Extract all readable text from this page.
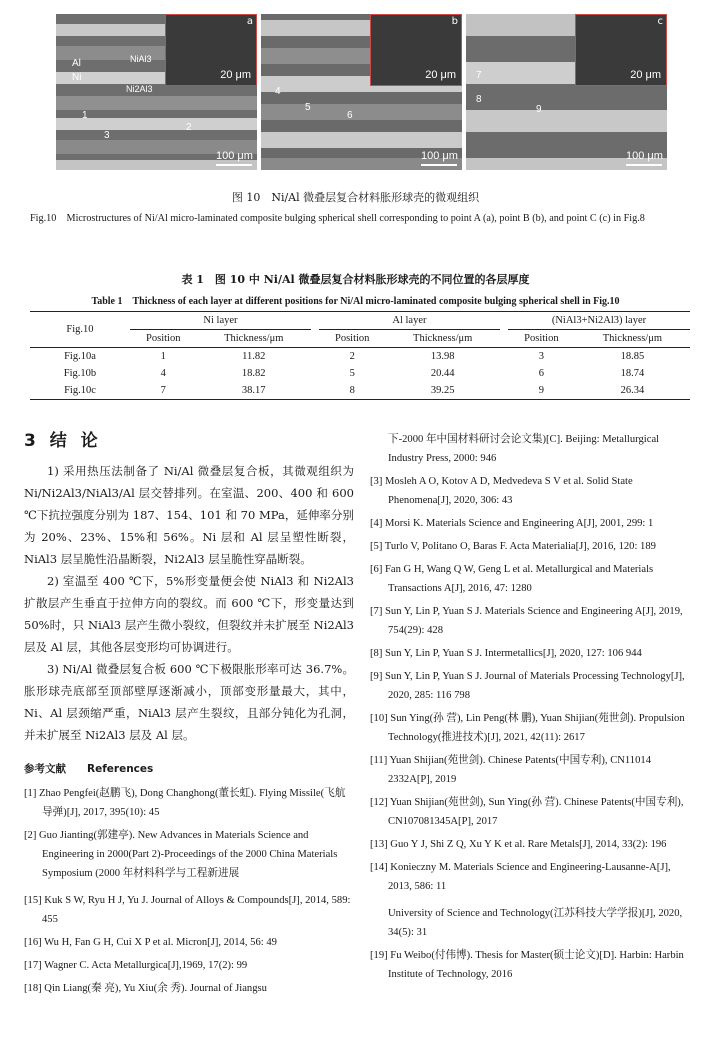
a
20 μm
100 μm
Al
Ni
NiAl3
Ni2Al3
1
2
3
b
20 μm
100 μm
4
5
6
c
20 μm
100 μm
7
8
9
图 10　Ni/Al 微叠层复合材料胀形球壳的微观组织
Fig.10　Microstructures of Ni/Al micro-laminated composite bulging spherical shell corresponding to point A (a), point B (b), and point C (c) in Fig.8
表 1　图 10 中 Ni/Al 微叠层复合材料胀形球壳的不同位置的各层厚度
Table 1　Thickness of each layer at different positions for Ni/Al micro-laminated composite bulging spherical shell in Fig.10
Fig.10	Ni layer			Al layer			(NiAl3+Ni2Al3) layer	
	Position	Thickness/μm		Position	Thickness/μm		Position	Thickness/μm
Fig.10a	1	11.82		2	13.98		3	18.85
Fig.10b	4	18.82		5	20.44		6	18.74
Fig.10c	7	38.17		8	39.25		9	26.34
3 结 论

1) 采用热压法制备了 Ni/Al 微叠层复合板，其微观组织为 Ni/Ni2Al3/NiAl3/Al 层交替排列。在室温、200、400 和 600 ℃下抗拉强度分别为 187、154、101 和 70 MPa，延伸率分别为 20%、23%、15%和 56%。Ni 层和 Al 层呈塑性断裂，NiAl3 层呈脆性沿晶断裂，Ni2Al3 层呈脆性穿晶断裂。

2) 室温至 400 ℃下，5%形变量便会使 NiAl3 和 Ni2Al3 扩散层产生垂直于拉伸方向的裂纹。而 600 ℃下，形变量达到 50%时，只 NiAl3 层产生微小裂纹，但裂纹并未扩展至 Ni2Al3 层及 Al 层，其他各层变形均可协调进行。

3) Ni/Al 微叠层复合板 600 ℃下极限胀形率可达 36.7%。胀形球壳底部至顶部壁厚逐渐减小，顶部变形量最大，其中，Ni、Al 层颈缩严重，NiAl3 层产生裂纹，且部分钝化为孔洞，并未扩展至 Ni2Al3 层及 Al 层。

参考文献　　References

[1] Zhao Pengfei(赵鹏飞), Dong Changhong(董长虹). Flying Missile(飞航导弹)[J], 2017, 395(10): 45

[2] Guo Jianting(郭建亭). New Advances in Materials Science and Engineering in 2000(Part 2)-Proceedings of the 2000 China Materials Symposium (2000 年材料科学与工程新进展

[15] Kuk S W, Ryu H J, Yu J. Journal of Alloys & Compounds[J], 2014, 589: 455

[16] Wu H, Fan G H, Cui X P et al. Micron[J], 2014, 56: 49

[17] Wagner C. Acta Metallurgica[J],1969, 17(2): 99

[18] Qin Liang(秦 亮), Yu Xiu(余 秀). Journal of Jiangsu

下-2000 年中国材料研讨会论文集)[C]. Beijing: Metallurgical Industry Press, 2000: 946

[3] Mosleh A O, Kotov A D, Medvedeva S V et al. Solid State Phenomena[J], 2020, 306: 43

[4] Morsi K. Materials Science and Engineering A[J], 2001, 299: 1

[5] Turlo V, Politano O, Baras F. Acta Materialia[J], 2016, 120: 189

[6] Fan G H, Wang Q W, Geng L et al. Metallurgical and Materials Transactions A[J], 2016, 47: 1280

[7] Sun Y, Lin P, Yuan S J. Materials Science and Engineering A[J], 2019, 754(29): 428

[8] Sun Y, Lin P, Yuan S J. Intermetallics[J], 2020, 127: 106 944

[9] Sun Y, Lin P, Yuan S J. Journal of Materials Processing Technology[J], 2020, 285: 116 798

[10] Sun Ying(孙 营), Lin Peng(林 鹏), Yuan Shijian(苑世剑). Propulsion Technology(推进技术)[J], 2021, 42(11): 2617

[11] Yuan Shijian(苑世剑). Chinese Patents(中国专利), CN11014 2332A[P], 2019

[12] Yuan Shijian(苑世剑), Sun Ying(孙 营). Chinese Patents(中国专利), CN107081345A[P], 2017

[13] Guo Y J, Shi Z Q, Xu Y K et al. Rare Metals[J], 2014, 33(2): 196

[14] Konieczny M. Materials Science and Engineering-Lausanne-A[J], 2013, 586: 11

University of Science and Technology(江苏科技大学学报)[J], 2020, 34(5): 31

[19] Fu Weibo(付伟博). Thesis for Master(硕士论文)[D]. Harbin: Harbin Institute of Technology, 2016
